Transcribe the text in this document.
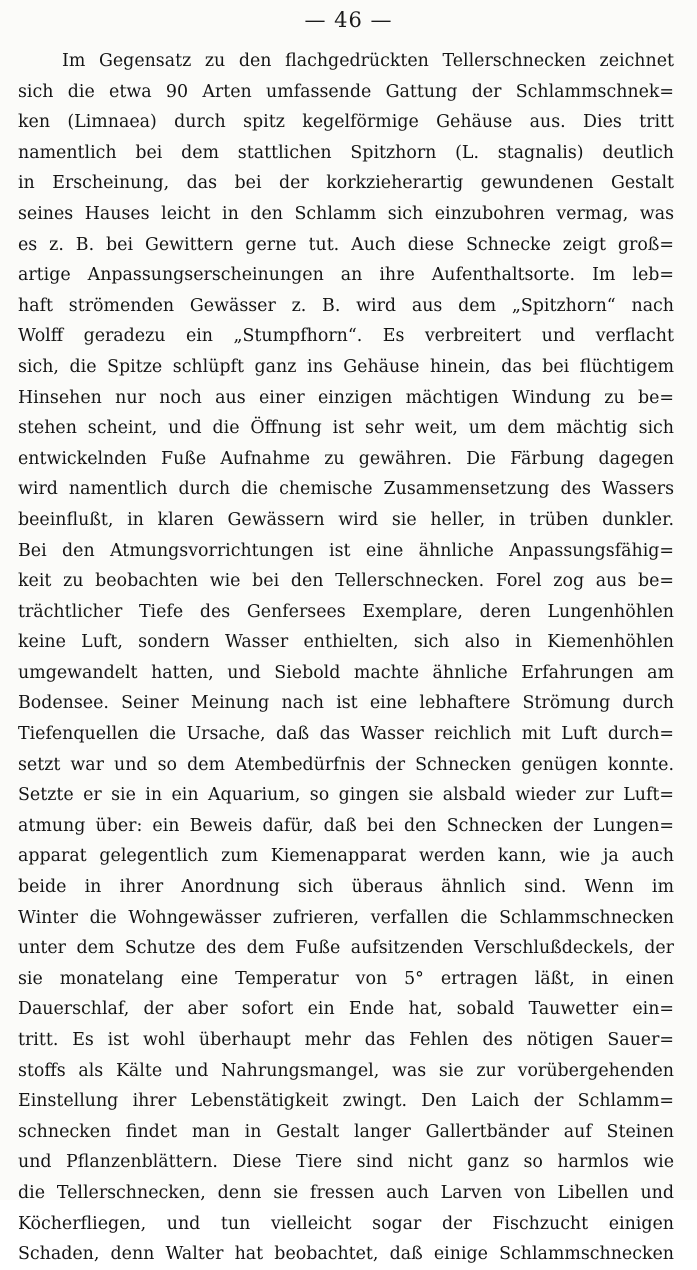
— 46 —
Im Gegensatz zu den flachgedrückten Tellerschnecken zeichnet
sich die etwa 90 Arten umfassende Gattung der Schlammschnek=
ken (Limnaea) durch spitz kegelförmige Gehäuse aus. Dies tritt
namentlich bei dem stattlichen Spitzhorn (L. stagnalis) deutlich
in Erscheinung, das bei der korkzieherartig gewundenen Gestalt
seines Hauses leicht in den Schlamm sich einzubohren vermag, was
es z. B. bei Gewittern gerne tut. Auch diese Schnecke zeigt groß=
artige Anpassungserscheinungen an ihre Aufenthaltsorte. Im leb=
haft strömenden Gewässer z. B. wird aus dem „Spitzhorn“ nach
Wolff geradezu ein „Stumpfhorn“. Es verbreitert und verflacht
sich, die Spitze schlüpft ganz ins Gehäuse hinein, das bei flüchtigem
Hinsehen nur noch aus einer einzigen mächtigen Windung zu be=
stehen scheint, und die Öffnung ist sehr weit, um dem mächtig sich
entwickelnden Fuße Aufnahme zu gewähren. Die Färbung dagegen
wird namentlich durch die chemische Zusammensetzung des Wassers
beeinflußt, in klaren Gewässern wird sie heller, in trüben dunkler.
Bei den Atmungsvorrichtungen ist eine ähnliche Anpassungsfähig=
keit zu beobachten wie bei den Tellerschnecken. Forel zog aus be=
trächtlicher Tiefe des Genfersees Exemplare, deren Lungenhöhlen
keine Luft, sondern Wasser enthielten, sich also in Kiemenhöhlen
umgewandelt hatten, und Siebold machte ähnliche Erfahrungen am
Bodensee. Seiner Meinung nach ist eine lebhaftere Strömung durch
Tiefenquellen die Ursache, daß das Wasser reichlich mit Luft durch=
setzt war und so dem Atembedürfnis der Schnecken genügen konnte.
Setzte er sie in ein Aquarium, so gingen sie alsbald wieder zur Luft=
atmung über: ein Beweis dafür, daß bei den Schnecken der Lungen=
apparat gelegentlich zum Kiemenapparat werden kann, wie ja auch
beide in ihrer Anordnung sich überaus ähnlich sind. Wenn im
Winter die Wohngewässer zufrieren, verfallen die Schlammschnecken
unter dem Schutze des dem Fuße aufsitzenden Verschlußdeckels, der
sie monatelang eine Temperatur von 5° ertragen läßt, in einen
Dauerschlaf, der aber sofort ein Ende hat, sobald Tauwetter ein=
tritt. Es ist wohl überhaupt mehr das Fehlen des nötigen Sauer=
stoffs als Kälte und Nahrungsmangel, was sie zur vorübergehenden
Einstellung ihrer Lebenstätigkeit zwingt. Den Laich der Schlamm=
schnecken findet man in Gestalt langer Gallertbänder auf Steinen
und Pflanzenblättern. Diese Tiere sind nicht ganz so harmlos wie
die Tellerschnecken, denn sie fressen auch Larven von Libellen und
Köcherfliegen, und tun vielleicht sogar der Fischzucht einigen
Schaden, denn Walter hat beobachtet, daß einige Schlammschnecken
